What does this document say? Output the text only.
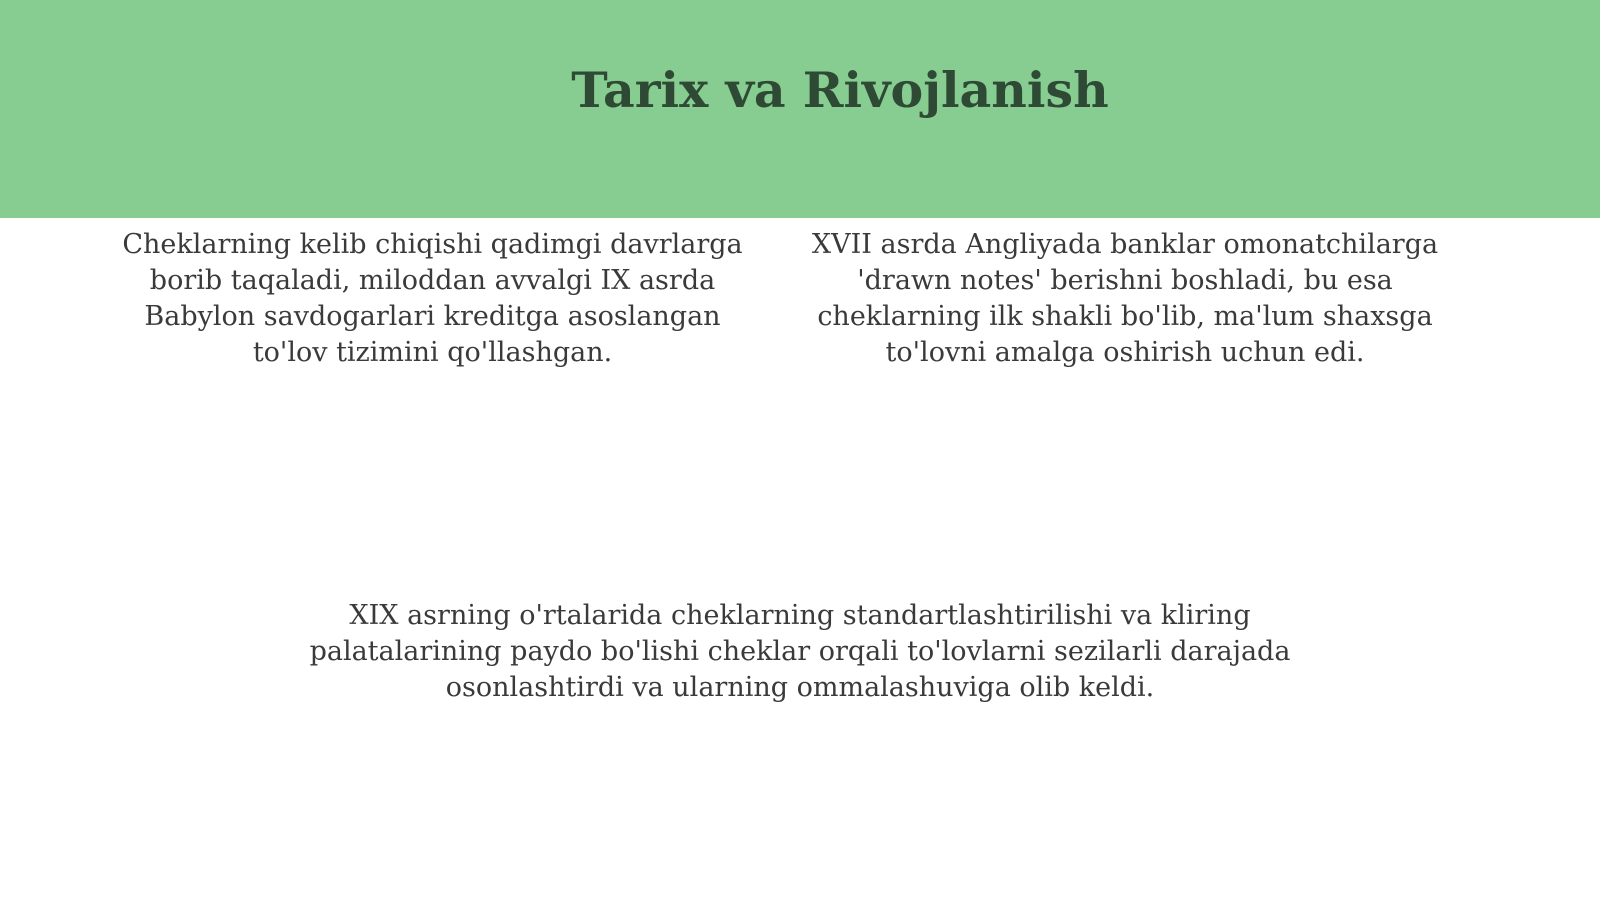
Tarix va Rivojlanish

Cheklarning kelib chiqishi qadimgi davrlarga borib taqaladi, miloddan avvalgi IX asrda Babylon savdogarlari kreditga asoslangan to'lov tizimini qo'llashgan.

XVII asrda Angliyada banklar omonatchilarga 'drawn notes' berishni boshladi, bu esa cheklarning ilk shakli bo'lib, ma'lum shaxsga to'lovni amalga oshirish uchun edi.

XIX asrning o'rtalarida cheklarning standartlashtirilishi va kliring palatalarining paydo bo'lishi cheklar orqali to'lovlarni sezilarli darajada osonlashtirdi va ularning ommalashuviga olib keldi.
